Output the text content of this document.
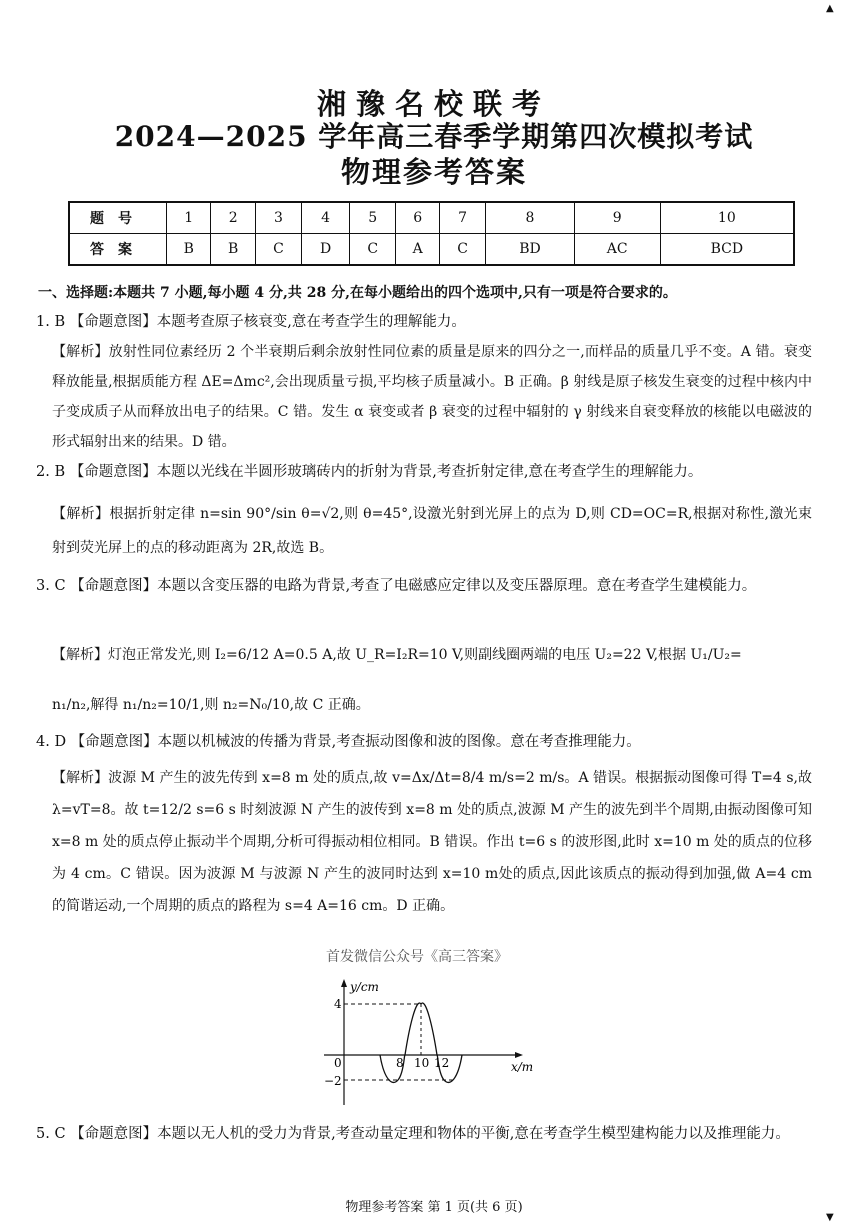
▲
▼
湘豫名校联考
2024—2025 学年高三春季学期第四次模拟考试
物理参考答案
题号	1	2	3	4	5	6	7	8	9	10
答案	B	B	C	D	C	A	C	BD	AC	BCD
一、选择题:本题共 7 小题,每小题 4 分,共 28 分,在每小题给出的四个选项中,只有一项是符合要求的。
1. B 【命题意图】本题考查原子核衰变,意在考查学生的理解能力。
【解析】放射性同位素经历 2 个半衰期后剩余放射性同位素的质量是原来的四分之一,而样品的质量几乎不变。A 错。衰变释放能量,根据质能方程 ΔE=Δmc²,会出现质量亏损,平均核子质量减小。B 正确。β 射线是原子核发生衰变的过程中核内中子变成质子从而释放出电子的结果。C 错。发生 α 衰变或者 β 衰变的过程中辐射的 γ 射线来自衰变释放的核能以电磁波的形式辐射出来的结果。D 错。
2. B 【命题意图】本题以光线在半圆形玻璃砖内的折射为背景,考查折射定律,意在考查学生的理解能力。
【解析】根据折射定律 n=sin 90°/sin θ=√2,则 θ=45°,设激光射到光屏上的点为 D,则 CD=OC=R,根据对称性,激光束射到荧光屏上的点的移动距离为 2R,故选 B。
3. C 【命题意图】本题以含变压器的电路为背景,考查了电磁感应定律以及变压器原理。意在考查学生建模能力。
【解析】灯泡正常发光,则 I₂=6/12 A=0.5 A,故 U_R=I₂R=10 V,则副线圈两端的电压 U₂=22 V,根据 U₁/U₂=
n₁/n₂,解得 n₁/n₂=10/1,则 n₂=N₀/10,故 C 正确。
4. D 【命题意图】本题以机械波的传播为背景,考查振动图像和波的图像。意在考查推理能力。
【解析】波源 M 产生的波先传到 x=8 m 处的质点,故 v=Δx/Δt=8/4 m/s=2 m/s。A 错误。根据振动图像可得 T=4 s,故 λ=vT=8。故 t=12/2 s=6 s 时刻波源 N 产生的波传到 x=8 m 处的质点,波源 M 产生的波先到半个周期,由振动图像可知 x=8 m 处的质点停止振动半个周期,分析可得振动相位相同。B 错误。作出 t=6 s 的波形图,此时 x=10 m 处的质点的位移为 4 cm。C 错误。因为波源 M 与波源 N 产生的波同时达到 x=10 m处的质点,因此该质点的振动得到加强,做 A=4 cm 的简谐运动,一个周期的质点的路程为 s=4 A=16 cm。D 正确。
首发微信公众号《高三答案》
y/cm
x/m
4
−2
0	8 10 12
5. C 【命题意图】本题以无人机的受力为背景,考查动量定理和物体的平衡,意在考查学生模型建构能力以及推理能力。
物理参考答案 第 1 页(共 6 页)
